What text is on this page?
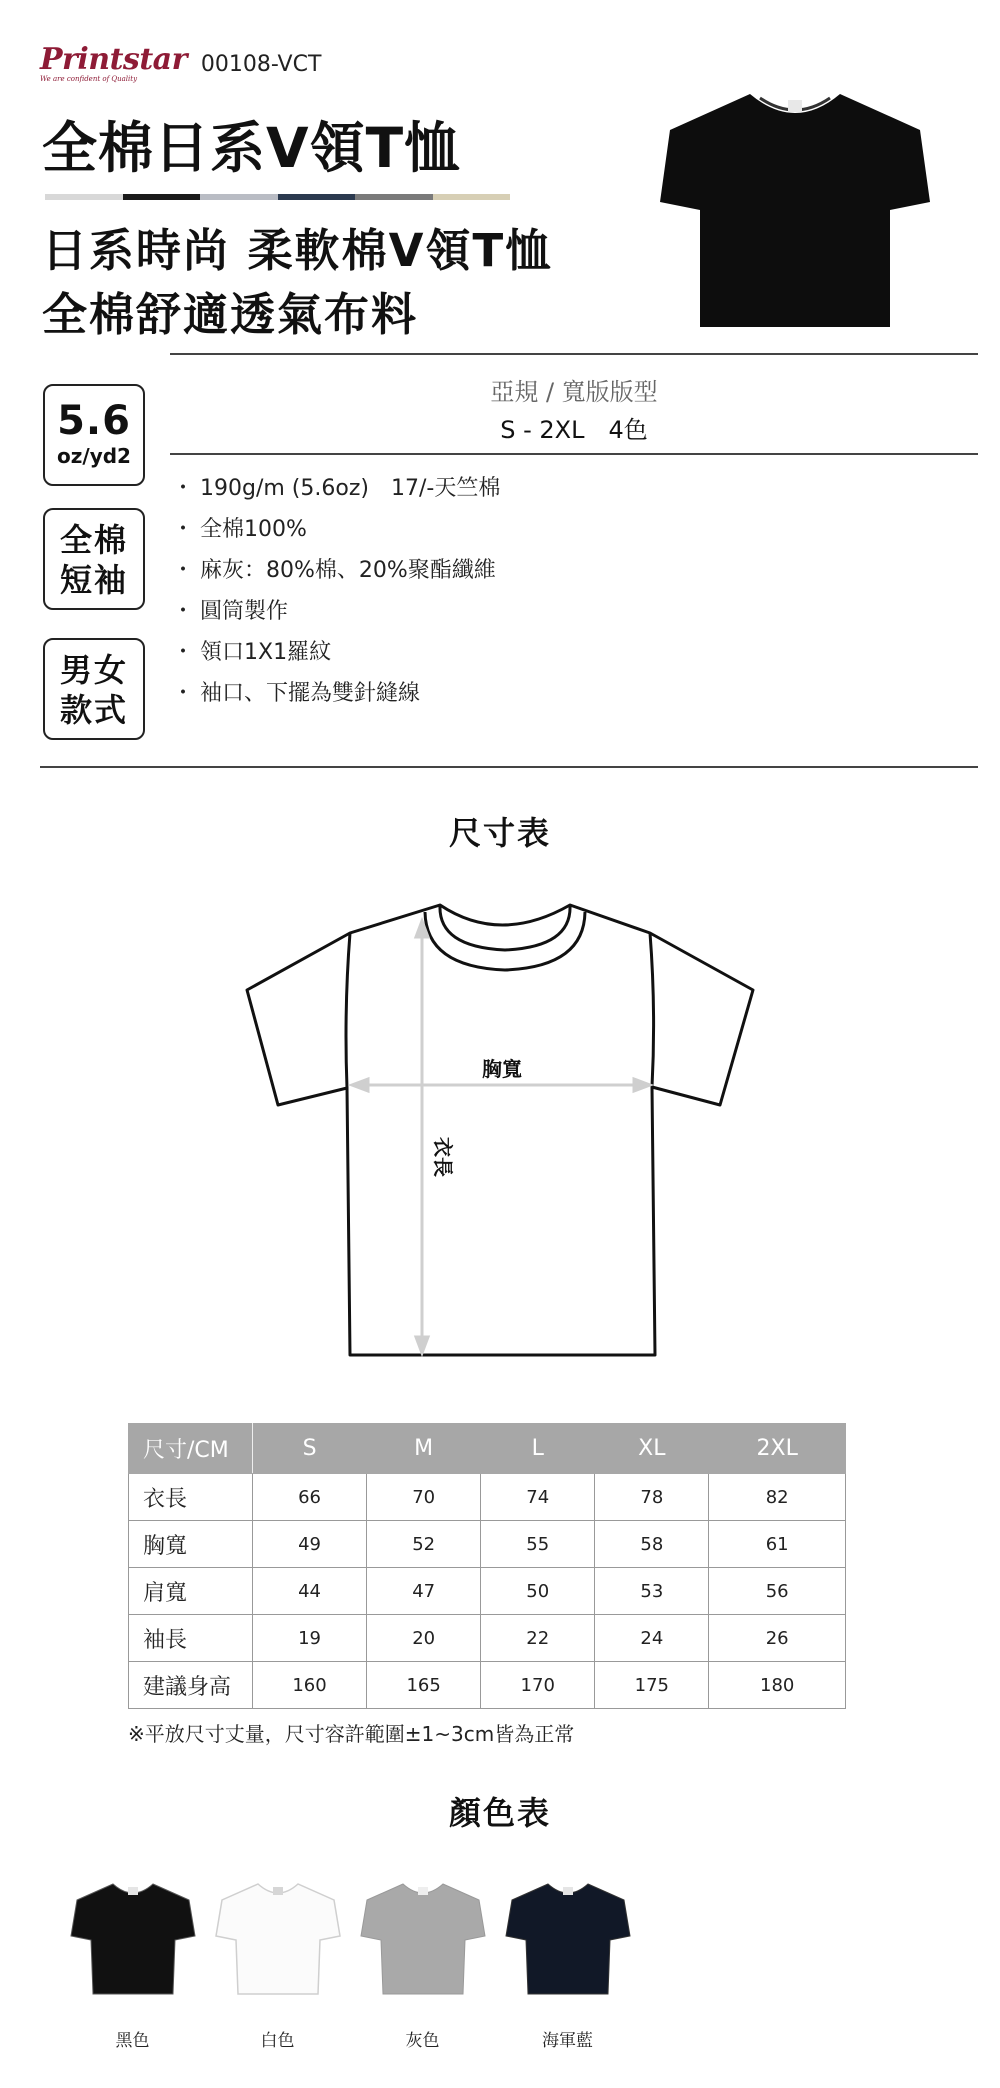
Printstar
We are confident of Quality
00108-VCT
全棉日系V領T恤
日系時尚 柔軟棉V領T恤
全棉舒適透氣布料
亞規 / 寬版版型
S - 2XL　4色
5.6
oz/yd2
全棉
短袖
男女
款式
・ 190g/m (5.6oz)　17/-天竺棉
・ 全棉100%
・ 麻灰：80%棉、20%聚酯纖維
・ 圓筒製作
・ 領口1X1羅紋
・ 袖口、下擺為雙針縫線
尺寸表
胸寬
衣長
尺寸/CM	S	M	L	XL	2XL
衣長	66	70	74	78	82
胸寬	49	52	55	58	61
肩寬	44	47	50	53	56
袖長	19	20	22	24	26
建議身高	160	165	170	175	180
※平放尺寸丈量，尺寸容許範圍±1~3cm皆為正常
顏色表
黑色	白色	灰色	海軍藍
